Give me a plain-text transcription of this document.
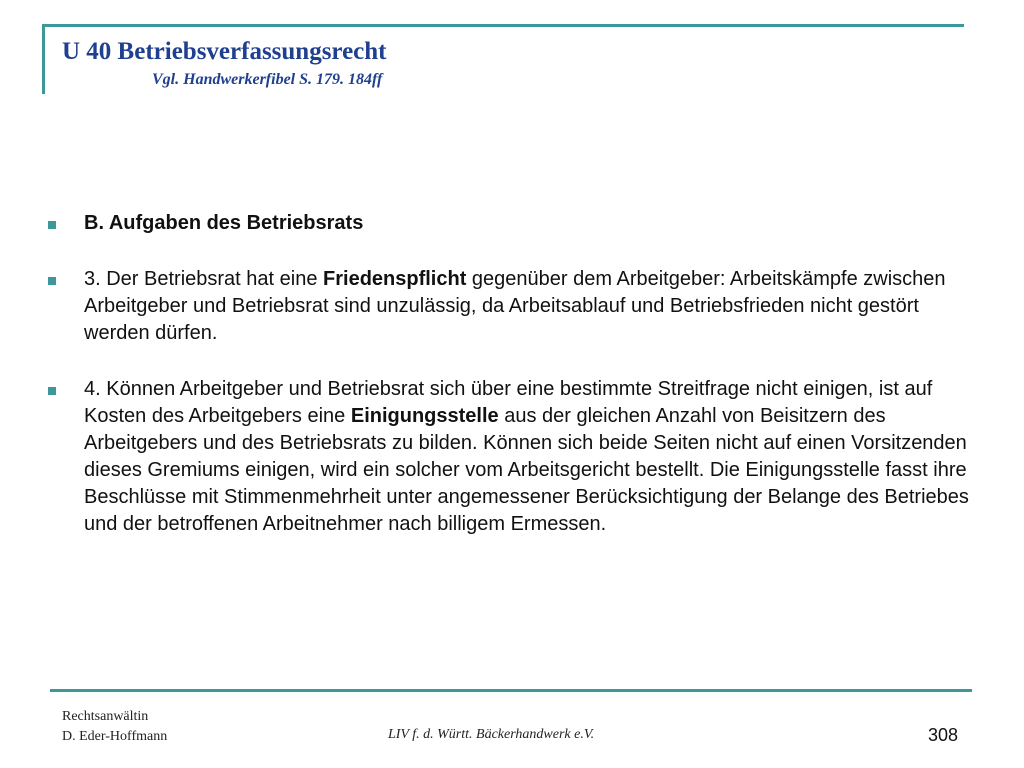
U 40 Betriebsverfassungsrecht
Vgl. Handwerkerfibel S. 179. 184ff

B. Aufgaben des Betriebsrats

3. Der Betriebsrat hat eine Friedenspflicht gegenüber dem Arbeitgeber: Arbeitskämpfe zwischen Arbeitgeber und Betriebsrat sind unzulässig, da Arbeitsablauf und Betriebsfrieden nicht gestört werden dürfen.

4. Können Arbeitgeber und Betriebsrat sich über eine bestimmte Streitfrage nicht einigen, ist auf Kosten des Arbeitgebers eine Einigungsstelle aus der gleichen Anzahl von Beisitzern des Arbeitgebers und des Betriebsrats zu bilden. Können sich beide Seiten nicht auf einen Vorsitzenden dieses Gremiums einigen, wird ein solcher vom Arbeitsgericht bestellt. Die Einigungsstelle fasst ihre Beschlüsse mit Stimmenmehrheit unter angemessener Berücksichtigung der Belange des Betriebes und der betroffenen Arbeitnehmer nach billigem Ermessen.

Rechtsanwältin
D. Eder-Hoffmann	LIV f. d. Württ. Bäckerhandwerk e.V.	308
